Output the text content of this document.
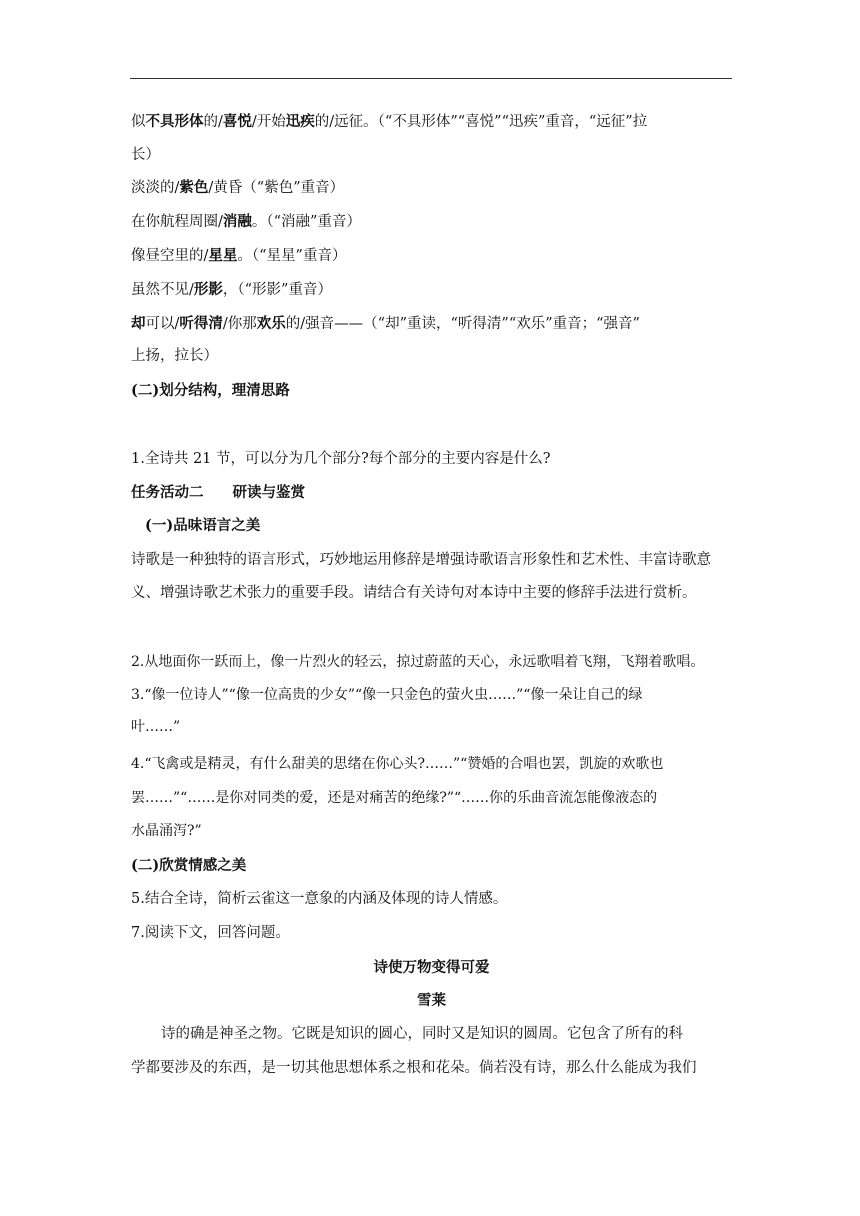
似不具形体的/喜悦/开始迅疾的/远征。（“不具形体”“喜悦”“迅疾”重音，“远征”拉
长）
淡淡的/紫色/黄昏（“紫色”重音）
在你航程周圈/消融。（“消融”重音）
像昼空里的/星星。（“星星”重音）
虽然不见/形影，（“形影”重音）
却可以/听得清/你那欢乐的/强音——（“却”重读，“听得清”“欢乐”重音；“强音”
上扬，拉长）
(二)划分结构，理清思路
1.全诗共 21 节，可以分为几个部分?每个部分的主要内容是什么?
任务活动二　　研读与鉴赏
(一)品味语言之美
诗歌是一种独特的语言形式，巧妙地运用修辞是增强诗歌语言形象性和艺术性、丰富诗歌意
义、增强诗歌艺术张力的重要手段。请结合有关诗句对本诗中主要的修辞手法进行赏析。
2.从地面你一跃而上，像一片烈火的轻云，掠过蔚蓝的天心，永远歌唱着飞翔，飞翔着歌唱。
3.“像一位诗人”“像一位高贵的少女”“像一只金色的萤火虫……”“像一朵让自己的绿
叶……”
4.“飞禽或是精灵，有什么甜美的思绪在你心头?……”“赞婚的合唱也罢，凯旋的欢歌也
罢……”“……是你对同类的爱，还是对痛苦的绝缘?”“……你的乐曲音流怎能像液态的
水晶涌泻?”
(二)欣赏情感之美
5.结合全诗，简析云雀这一意象的内涵及体现的诗人情感。
7.阅读下文，回答问题。
诗使万物变得可爱
雪莱
诗的确是神圣之物。它既是知识的圆心，同时又是知识的圆周。它包含了所有的科
学都要涉及的东西，是一切其他思想体系之根和花朵。倘若没有诗，那么什么能成为我们
